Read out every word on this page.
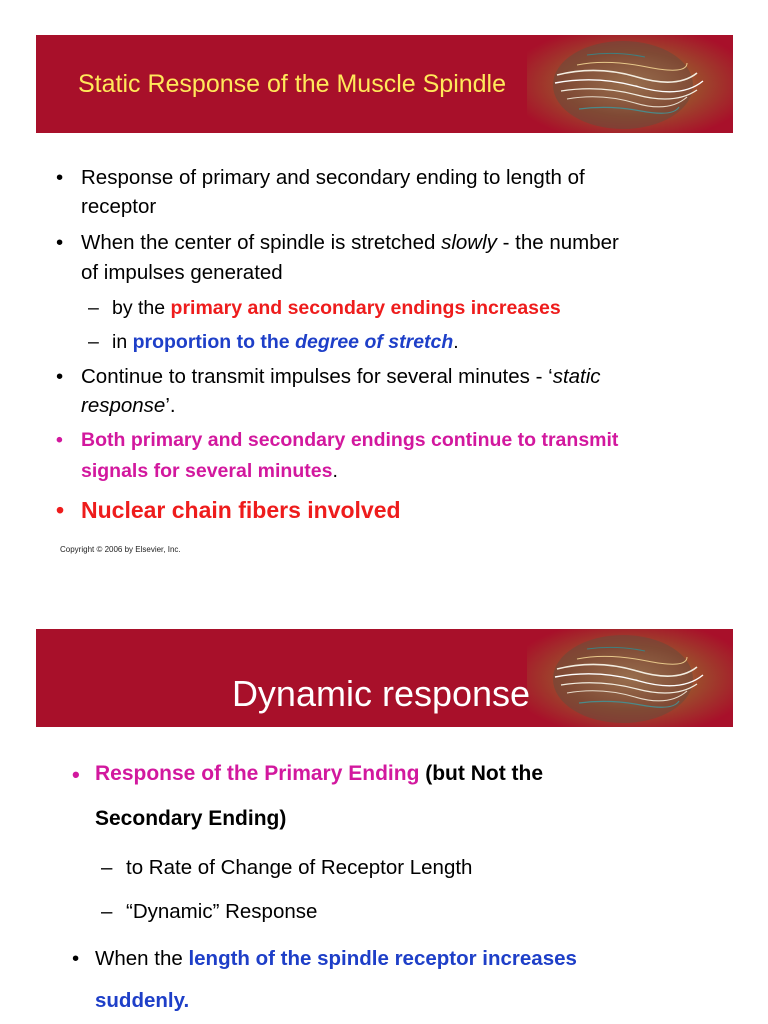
Static Response of the Muscle Spindle
• Response of primary and secondary ending to length of
receptor
• When the center of spindle is stretched slowly - the number
of impulses generated
– by the primary and secondary endings increases
– in proportion to the degree of stretch.
• Continue to transmit impulses for several minutes - ‘static
response’.
• Both primary and secondary endings continue to transmit
signals for several minutes.
• Nuclear chain fibers involved
Copyright © 2006 by Elsevier, Inc.
Dynamic response
• Response of the Primary Ending (but Not the
Secondary Ending)
– to Rate of Change of Receptor Length
– “Dynamic” Response
• When the length of the spindle receptor increases
suddenly.
